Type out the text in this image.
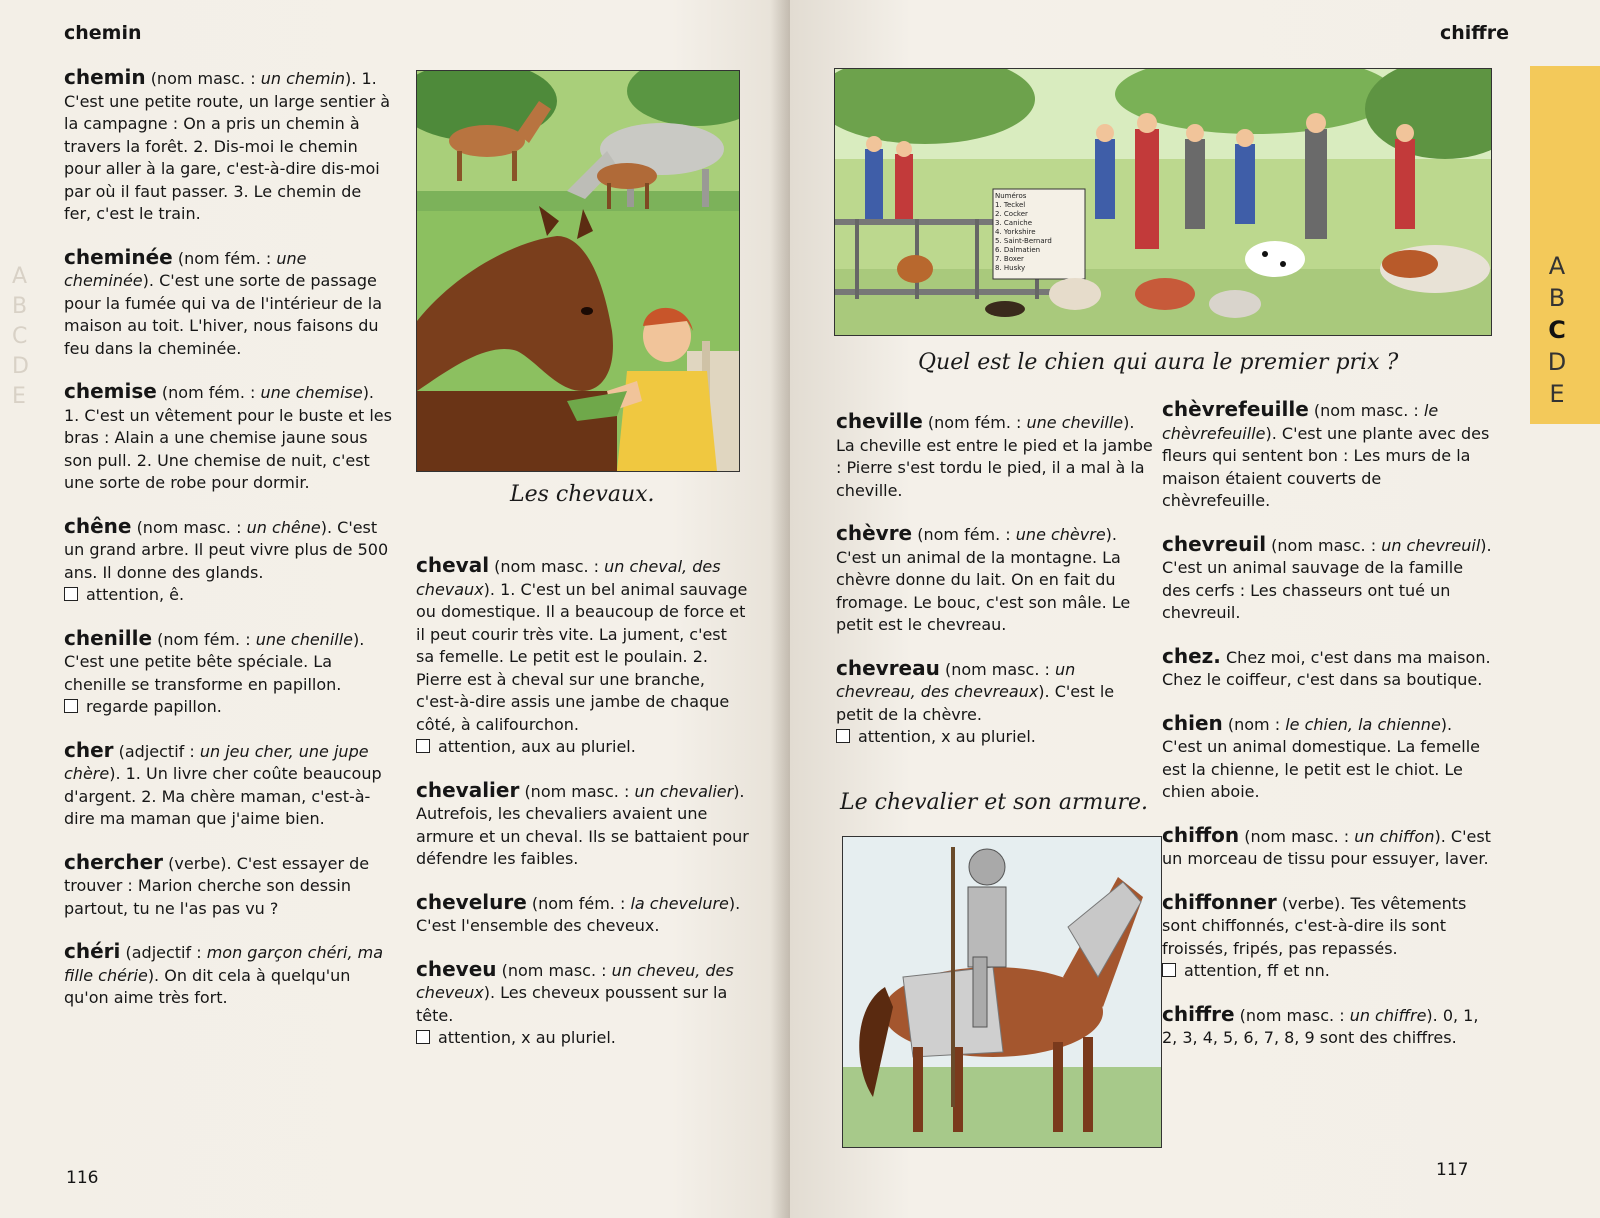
A
B
C
D
E
chemin
chemin (nom masc. : un chemin). 1. C'est une petite route, un large sentier à la campagne : On a pris un chemin à travers la forêt. 2. Dis-moi le chemin pour aller à la gare, c'est-à-dire dis-moi par où il faut passer. 3. Le chemin de fer, c'est le train.
cheminée (nom fém. : une cheminée). C'est une sorte de passage pour la fumée qui va de l'intérieur de la maison au toit. L'hiver, nous faisons du feu dans la cheminée.
chemise (nom fém. : une chemise). 1. C'est un vêtement pour le buste et les bras : Alain a une chemise jaune sous son pull. 2. Une chemise de nuit, c'est une sorte de robe pour dormir.
chêne (nom masc. : un chêne). C'est un grand arbre. Il peut vivre plus de 500 ans. Il donne des glands.
attention, ê.
chenille (nom fém. : une chenille). C'est une petite bête spéciale. La chenille se transforme en papillon.
regarde papillon.
cher (adjectif : un jeu cher, une jupe chère). 1. Un livre cher coûte beaucoup d'argent. 2. Ma chère maman, c'est-à-dire ma maman que j'aime bien.
chercher (verbe). C'est essayer de trouver : Marion cherche son dessin partout, tu ne l'as pas vu ?
chéri (adjectif : mon garçon chéri, ma fille chérie). On dit cela à quelqu'un qu'on aime très fort.
Les chevaux.
cheval (nom masc. : un cheval, des chevaux). 1. C'est un bel animal sauvage ou domestique. Il a beaucoup de force et il peut courir très vite. La jument, c'est sa femelle. Le petit est le poulain. 2. Pierre est à cheval sur une branche, c'est-à-dire assis une jambe de chaque côté, à califourchon.
attention, aux au pluriel.
chevalier (nom masc. : un chevalier). Autrefois, les chevaliers avaient une armure et un cheval. Ils se battaient pour défendre les faibles.
chevelure (nom fém. : la chevelure). C'est l'ensemble des cheveux.
cheveu (nom masc. : un cheveu, des cheveux). Les cheveux poussent sur la tête.
attention, x au pluriel.
116
chiffre
Numéros
1. Teckel
2. Cocker
3. Caniche
4. Yorkshire
5. Saint-Bernard
6. Dalmatien
7. Boxer
8. Husky
Quel est le chien qui aura le premier prix ?
cheville (nom fém. : une cheville). La cheville est entre le pied et la jambe : Pierre s'est tordu le pied, il a mal à la cheville.
chèvre (nom fém. : une chèvre). C'est un animal de la montagne. La chèvre donne du lait. On en fait du fromage. Le bouc, c'est son mâle. Le petit est le chevreau.
chevreau (nom masc. : un chevreau, des chevreaux). C'est le petit de la chèvre.
attention, x au pluriel.
Le chevalier et son armure.
chèvrefeuille (nom masc. : le chèvrefeuille). C'est une plante avec des fleurs qui sentent bon : Les murs de la maison étaient couverts de chèvrefeuille.
chevreuil (nom masc. : un chevreuil). C'est un animal sauvage de la famille des cerfs : Les chasseurs ont tué un chevreuil.
chez. Chez moi, c'est dans ma maison. Chez le coiffeur, c'est dans sa boutique.
chien (nom : le chien, la chienne). C'est un animal domestique. La femelle est la chienne, le petit est le chiot. Le chien aboie.
chiffon (nom masc. : un chiffon). C'est un morceau de tissu pour essuyer, laver.
chiffonner (verbe). Tes vêtements sont chiffonnés, c'est-à-dire ils sont froissés, fripés, pas repassés.
attention, ff et nn.
chiffre (nom masc. : un chiffre). 0, 1, 2, 3, 4, 5, 6, 7, 8, 9 sont des chiffres.
117
A
B
C
D
E
